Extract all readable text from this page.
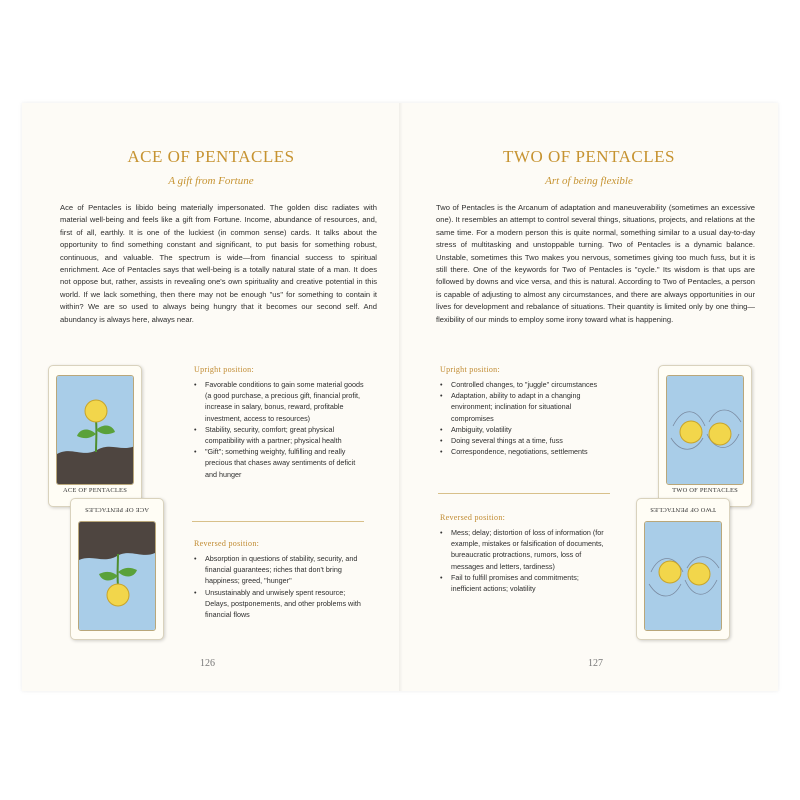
ACE OF PENTACLES
A gift from Fortune
Ace of Pentacles is libido being materially impersonated. The golden disc radiates with material well-being and feels like a gift from Fortune. Income, abundance of resources, and, first of all, earthly. It is one of the luckiest (in common sense) cards. It talks about the opportunity to find something constant and significant, to put basis for something robust, continuous, and valuable. The spectrum is wide—from financial success to spiritual enrichment. Ace of Pentacles says that well-being is a totally natural state of a man. It does not oppose but, rather, assists in revealing one's own spirituality and creative potential in this world. If we lack something, then there may not be enough "us" for something to contain it within? We are so used to always being hungry that it becomes our second self. And abundancy is always here, always near.
ACE OF PENTACLES
ACE OF PENTACLES
Upright position:
• Favorable conditions to gain some material goods (a good purchase, a precious gift, financial profit, increase in salary, bonus, reward, profitable investment, access to resources)
• Stability, security, comfort; great physical compatibility with a partner; physical health
• "Gift"; something weighty, fulfilling and really precious that chases away sentiments of deficit and hunger
Reversed position:
• Absorption in questions of stability, security, and financial guarantees; riches that don't bring happiness; greed, "hunger"
• Unsustainably and unwisely spent resource; Delays, postponements, and other problems with financial flows
126
TWO OF PENTACLES
Art of being flexible
Two of Pentacles is the Arcanum of adaptation and maneuverability (sometimes an excessive one). It resembles an attempt to control several things, situations, projects, and relations at the same time. For a modern person this is quite normal, something similar to a usual day-to-day stress of multitasking and unstoppable turning. Two of Pentacles is a dynamic balance. Unstable, sometimes this Two makes you nervous, sometimes giving too much fuss, but it is still there. One of the keywords for Two of Pentacles is "cycle." Its wisdom is that ups are followed by downs and vice versa, and this is natural. According to Two of Pentacles, a person is capable of adjusting to almost any circumstances, and there are always opportunities in our lives for development and rebalance of situations. Their quantity is limited only by one thing—flexibility of our minds to employ some irony toward what is happening.
Upright position:
• Controlled changes, to "juggle" circumstances
• Adaptation, ability to adapt in a changing environment; inclination for situational compromises
• Ambiguity, volatility
• Doing several things at a time, fuss
• Correspondence, negotiations, settlements
Reversed position:
• Mess; delay; distortion of loss of information (for example, mistakes or falsification of documents, bureaucratic protractions, rumors, loss of messages and letters, tardiness)
• Fail to fulfill promises and commitments; inefficient actions; volatility
TWO OF PENTACLES
TWO OF PENTACLES
127
